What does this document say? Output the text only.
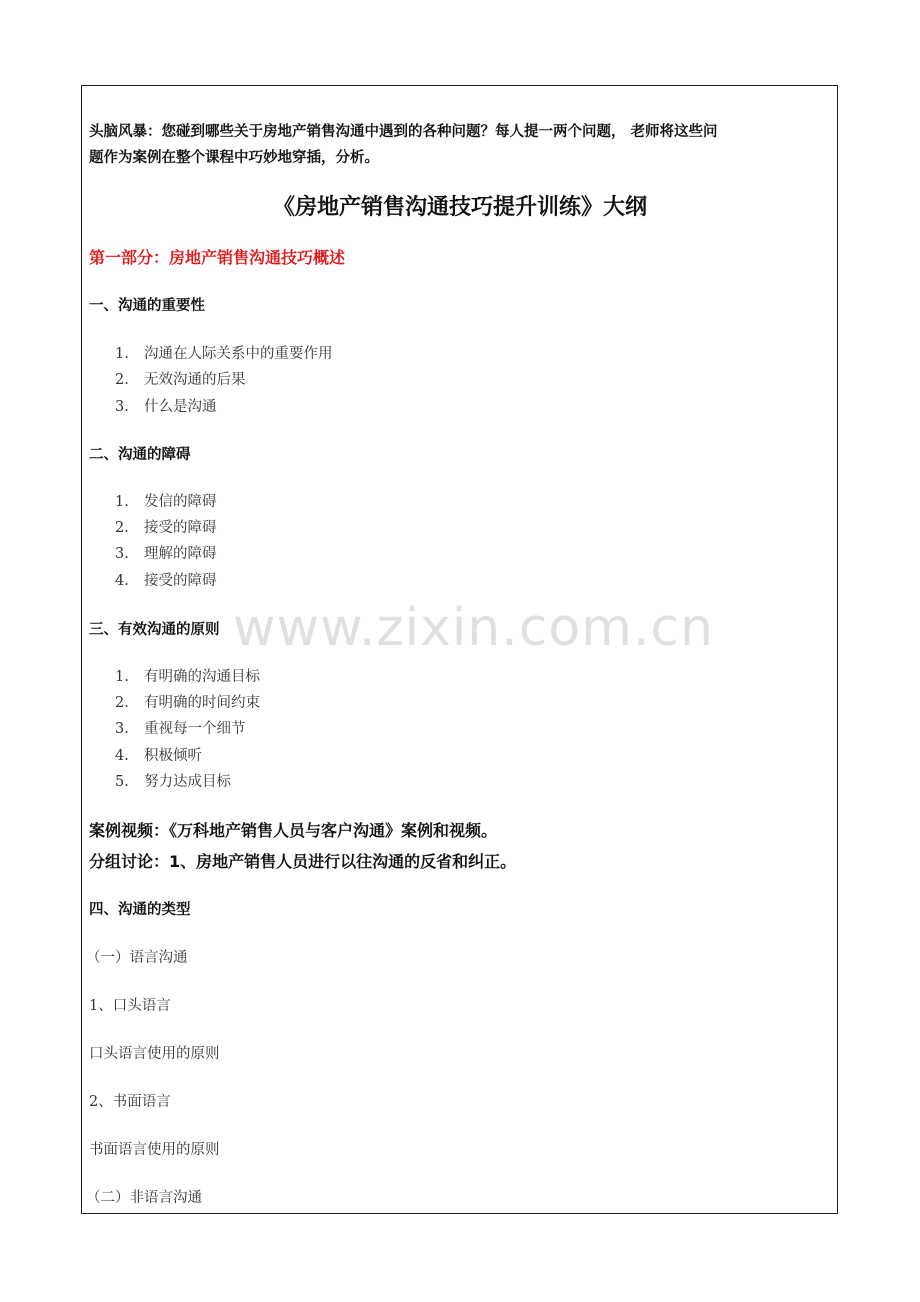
头脑风暴：您碰到哪些关于房地产销售沟通中遇到的各种问题？每人提一两个问题， 老师将这些问
题作为案例在整个课程中巧妙地穿插，分析。
《房地产销售沟通技巧提升训练》大纲
第一部分：房地产销售沟通技巧概述
一、沟通的重要性
1. 沟通在人际关系中的重要作用
2. 无效沟通的后果
3. 什么是沟通
二、沟通的障碍
1. 发信的障碍
2. 接受的障碍
3. 理解的障碍
4. 接受的障碍
三、有效沟通的原则
1. 有明确的沟通目标
2. 有明确的时间约束
3. 重视每一个细节
4. 积极倾听
5. 努力达成目标
案例视频：《万科地产销售人员与客户沟通》案例和视频。
分组讨论：1、房地产销售人员进行以往沟通的反省和纠正。
四、沟通的类型
（一）语言沟通
1、口头语言
口头语言使用的原则
2、书面语言
书面语言使用的原则
（二）非语言沟通
www.zixin.com.cn
